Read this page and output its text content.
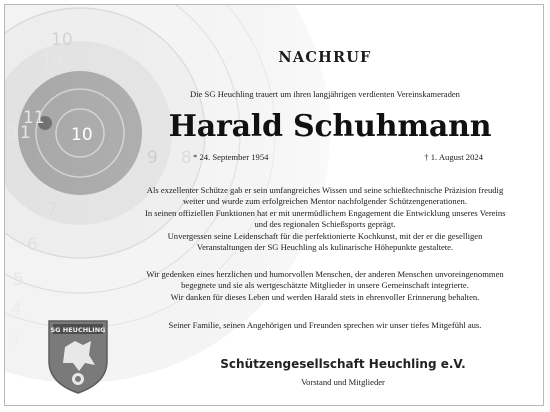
SG HEUCHLING
NACHRUF
Die SG Heuchling trauert um ihren langjährigen verdienten Vereinskameraden
Harald Schuhmann
* 24. September 1954	† 1. August 2024
Als exzellenter Schütze gab er sein umfangreiches Wissen und seine schießtechnische Präzision freudig
weiter und wurde zum erfolgreichen Mentor nachfolgender Schützengenerationen.
In seinen offiziellen Funktionen hat er mit unermüdlichem Engagement die Entwicklung unseres Vereins
und des regionalen Schießsports geprägt.
Unvergessen seine Leidenschaft für die perfektionierte Kochkunst, mit der er die geselligen
Veranstaltungen der SG Heuchling als kulinarische Höhepunkte gestaltete.
Wir gedenken eines herzlichen und humorvollen Menschen, der anderen Menschen unvoreingenommen
begegnete und sie als wertgeschätzte Mitglieder in unsere Gemeinschaft integrierte.
Wir danken für dieses Leben und werden Harald stets in ehrenvoller Erinnerung behalten.
Seiner Familie, seinen Angehörigen und Freunden sprechen wir unser tiefes Mitgefühl aus.
Schützengesellschaft Heuchling e.V.
Vorstand und Mitglieder
